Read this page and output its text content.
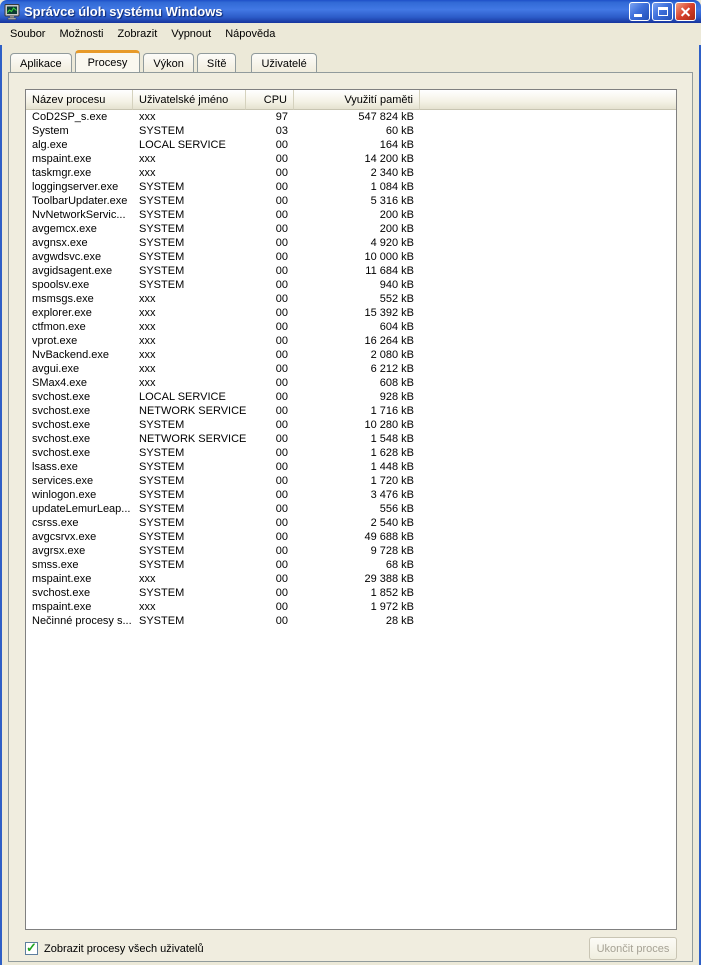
Správce úloh systému Windows
Soubor	Možnosti	Zobrazit	Vypnout	Nápověda
Aplikace	Procesy	Výkon	Sítě	Uživatelé
Název procesu	Uživatelské jméno	CPU	Využití paměti
CoD2SP_s.exe	xxx	97	547 824 kB
System	SYSTEM	03	60 kB
alg.exe	LOCAL SERVICE	00	164 kB
mspaint.exe	xxx	00	14 200 kB
taskmgr.exe	xxx	00	2 340 kB
loggingserver.exe	SYSTEM	00	1 084 kB
ToolbarUpdater.exe	SYSTEM	00	5 316 kB
NvNetworkServic...	SYSTEM	00	200 kB
avgemcx.exe	SYSTEM	00	200 kB
avgnsx.exe	SYSTEM	00	4 920 kB
avgwdsvc.exe	SYSTEM	00	10 000 kB
avgidsagent.exe	SYSTEM	00	11 684 kB
spoolsv.exe	SYSTEM	00	940 kB
msmsgs.exe	xxx	00	552 kB
explorer.exe	xxx	00	15 392 kB
ctfmon.exe	xxx	00	604 kB
vprot.exe	xxx	00	16 264 kB
NvBackend.exe	xxx	00	2 080 kB
avgui.exe	xxx	00	6 212 kB
SMax4.exe	xxx	00	608 kB
svchost.exe	LOCAL SERVICE	00	928 kB
svchost.exe	NETWORK SERVICE	00	1 716 kB
svchost.exe	SYSTEM	00	10 280 kB
svchost.exe	NETWORK SERVICE	00	1 548 kB
svchost.exe	SYSTEM	00	1 628 kB
lsass.exe	SYSTEM	00	1 448 kB
services.exe	SYSTEM	00	1 720 kB
winlogon.exe	SYSTEM	00	3 476 kB
updateLemurLeap... SYSTEM	00	556 kB
csrss.exe	SYSTEM	00	2 540 kB
avgcsrvx.exe	SYSTEM	00	49 688 kB
avgrsx.exe	SYSTEM	00	9 728 kB
smss.exe	SYSTEM	00	68 kB
mspaint.exe	xxx	00	29 388 kB
svchost.exe	SYSTEM	00	1 852 kB
mspaint.exe	xxx	00	1 972 kB
Nečinné procesy s... SYSTEM	00	28 kB
✓ Zobrazit procesy všech uživatelů	Ukončit proces
